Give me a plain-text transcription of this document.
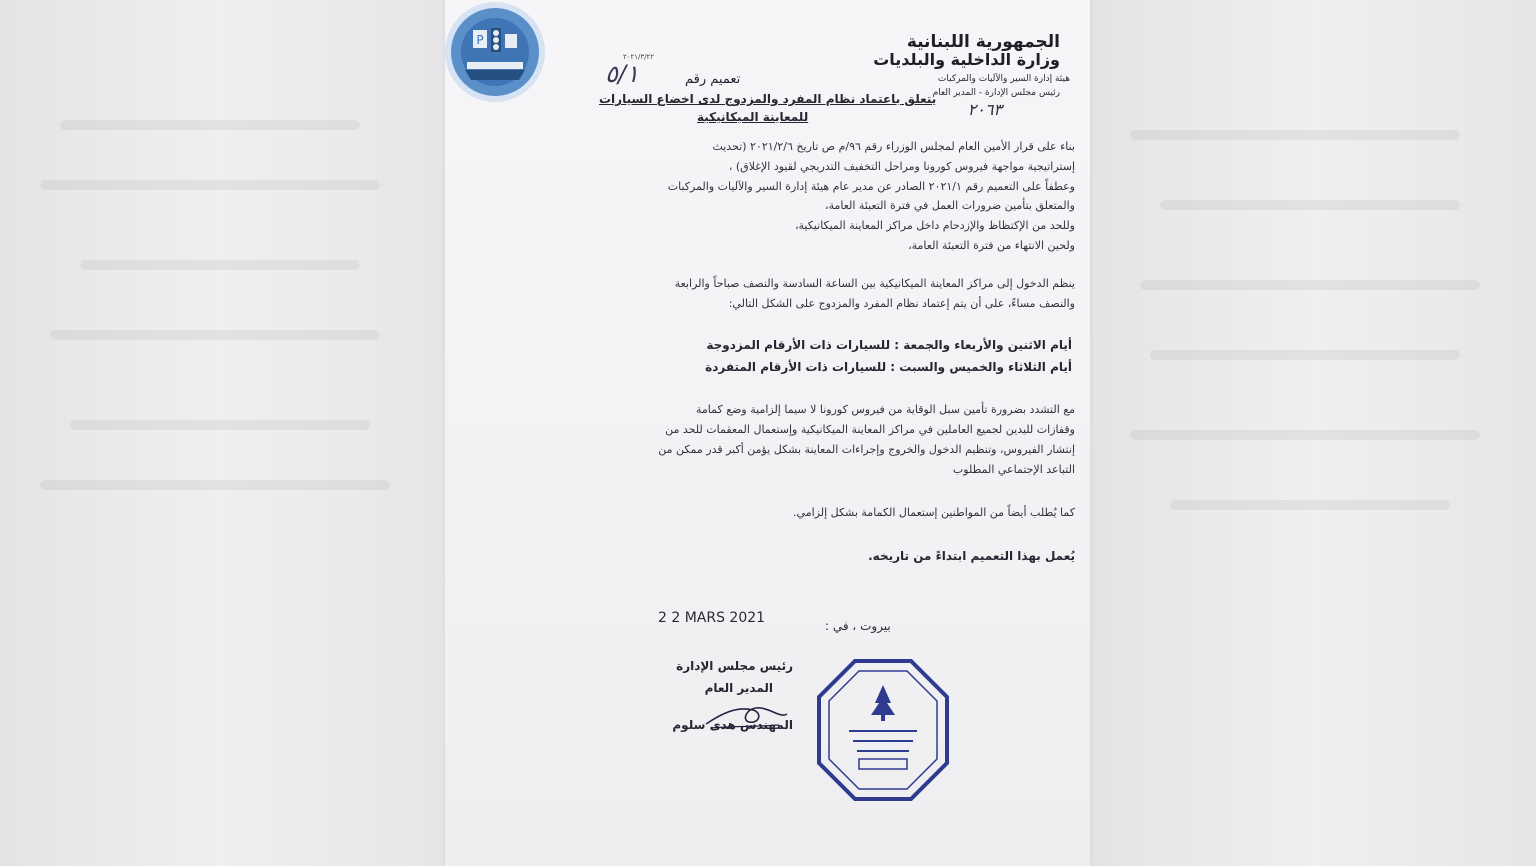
P	الجمهورية اللبنانية
وزارة الداخلية والبلديات
هيئة إدارة السير والآليات والمركبات
رئيس مجلس الإدارة - المدير العام
٢٠٦٣
٢٠٢١/٣/٢٢
٥/١	تعميم رقم
يتعلق باعتماد نظام المفرد والمزدوج لدى اخضاع السيارات
للمعاينة الميكانيكية
بناء على قرار الأمين العام لمجلس الوزراء رقم ٩٦/م ص تاريخ ٢٠٢١/٢/٦ (تحديث
إستراتيجية مواجهة فيروس كورونا ومراحل التخفيف التدريجي لقيود الإغلاق) ،
وعطفاً على التعميم رقم ٢٠٢١/١ الصادر عن مدير عام هيئة إدارة السير والآليات والمركبات
والمتعلق بتأمين ضرورات العمل في فترة التعبئة العامة،
وللحد من الإكتظاظ والإزدحام داخل مراكز المعاينة الميكانيكية،
ولحين الانتهاء من فترة التعبئة العامة،
ينظم الدخول إلى مراكز المعاينة الميكانيكية بين الساعة السادسة والنصف صباحاً والرابعة
والنصف مساءً، على أن يتم إعتماد نظام المفرد والمزدوج على الشكل التالي:
أيام الاثنين والأربعاء والجمعة : للسيارات ذات الأرقام المزدوجة
أيام الثلاثاء والخميس والسبت : للسيارات ذات الأرقام المتفردة
مع التشدد بضرورة تأمين سبل الوقاية من فيروس كورونا لا سيما إلزامية وضع كمامة
وقفازات لليدين لجميع العاملين في مراكز المعاينة الميكانيكية وإستعمال المعقمات للحد من
إنتشار الفيروس، وتنظيم الدخول والخروج وإجراءات المعاينة بشكل يؤمن أكبر قدر ممكن من
التباعد الإجتماعي المطلوب
كما يُطلب أيضاً من المواطنين إستعمال الكمامة بشكل إلزامي.
يُعمل بهذا التعميم ابتداءً من تاريخه.
2 2 MARS 2021	بيروت ، في :
رئيس مجلس الإدارة
المدير العام
المهندس هدى سلوم
